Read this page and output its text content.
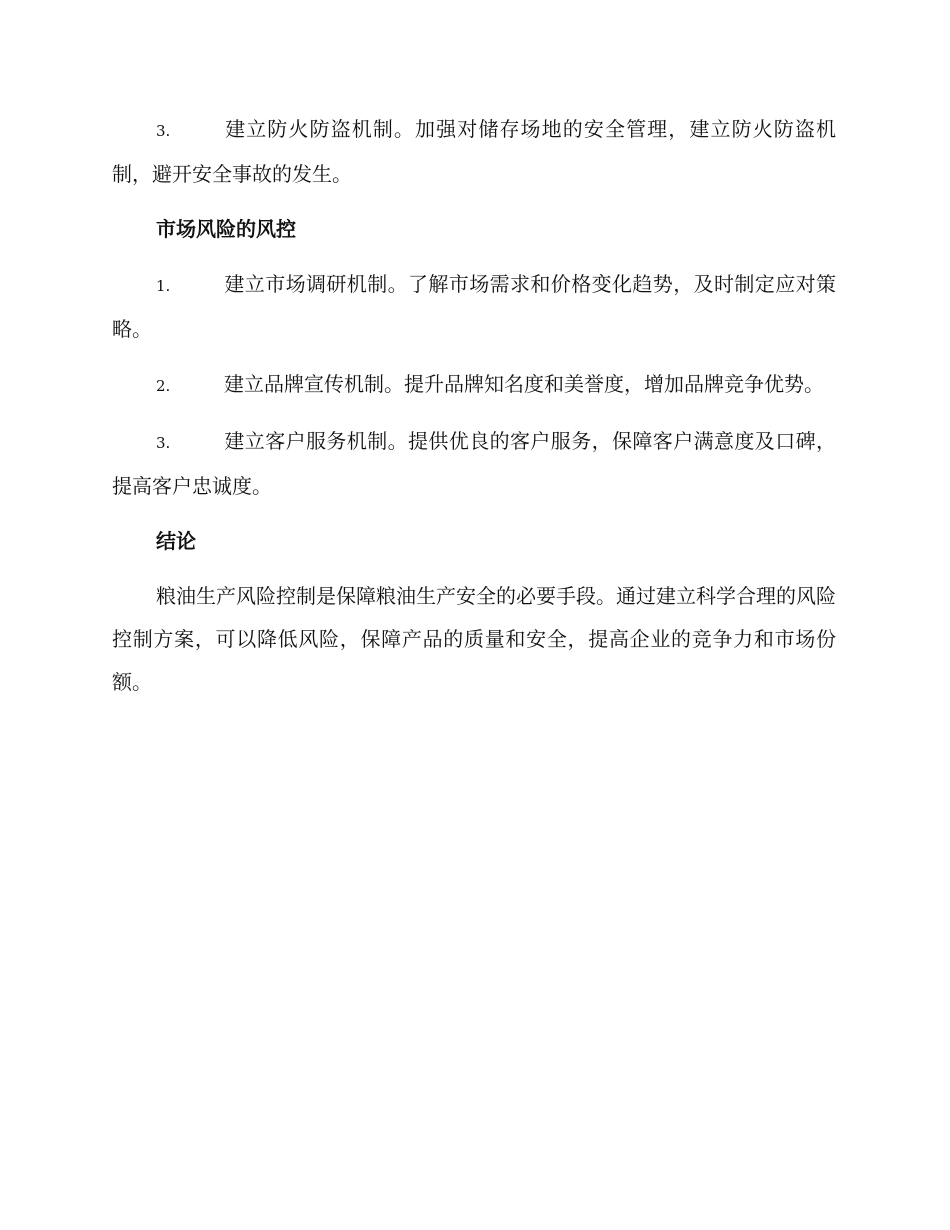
3.	建立防火防盗机制。加强对储存场地的安全管理，建立防火防盗机制，避开安全事故的发生。

市场风险的风控

1.	建立市场调研机制。了解市场需求和价格变化趋势，及时制定应对策略。

2.	建立品牌宣传机制。提升品牌知名度和美誉度，增加品牌竞争优势。

3.	建立客户服务机制。提供优良的客户服务，保障客户满意度及口碑，提高客户忠诚度。

结论

粮油生产风险控制是保障粮油生产安全的必要手段。通过建立科学合理的风险控制方案，可以降低风险，保障产品的质量和安全，提高企业的竞争力和市场份额。
